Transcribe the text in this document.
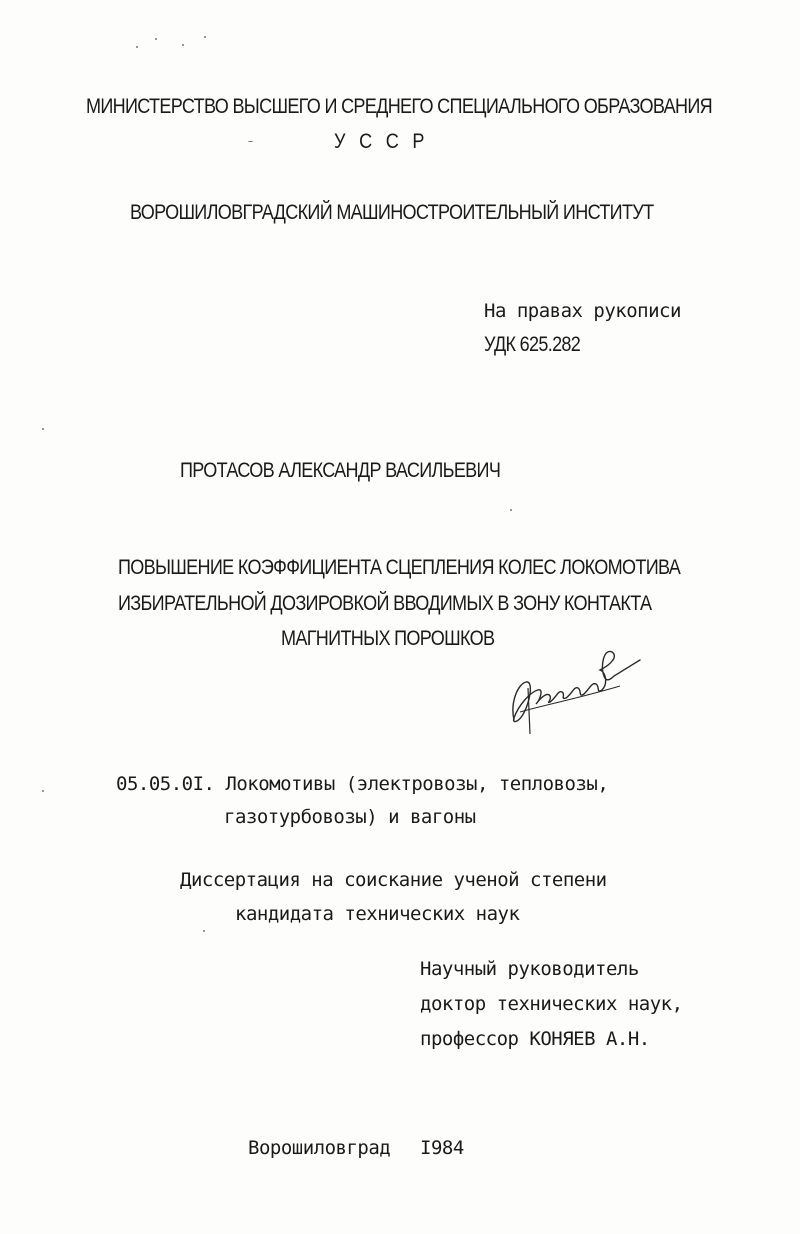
МИНИСТЕРСТВО ВЫСШЕГО И СРЕДНЕГО СПЕЦИАЛЬНОГО ОБРАЗОВАНИЯ
У С С Р
ВОРОШИЛОВГРАДСКИЙ МАШИНОСТРОИТЕЛЬНЫЙ ИНСТИТУТ
На правах рукописи
УДК 625.282
ПРОТАСОВ АЛЕКСАНДР ВАСИЛЬЕВИЧ
ПОВЫШЕНИЕ КОЭФФИЦИЕНТА СЦЕПЛЕНИЯ КОЛЕС ЛОКОМОТИВА
ИЗБИРАТЕЛЬНОЙ ДОЗИРОВКОЙ ВВОДИМЫХ В ЗОНУ КОНТАКТА
МАГНИТНЫХ ПОРОШКОВ
05.05.0I. Локомотивы (электровозы, тепловозы,
газотурбовозы) и вагоны
Диссертация на соискание ученой степени
кандидата технических наук
Научный руководитель
доктор технических наук,
профессор КОНЯЕВ А.Н.
Ворошиловград I984
